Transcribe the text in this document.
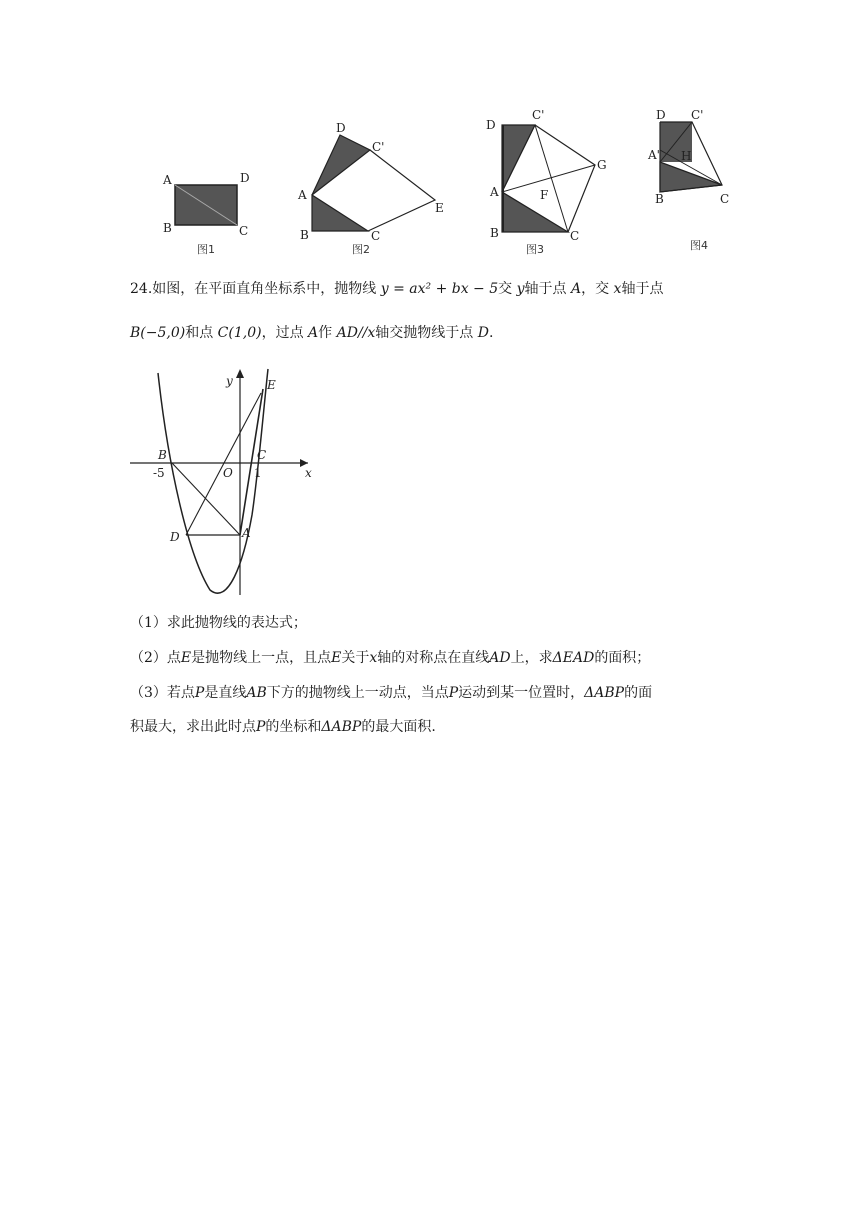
A	D
B	C
图1
D
C'
A
E
B	C
图2
D
C'
G
A	F
B	C
图3
D C'
A' H
B	C
图4
24.如图，在平面直角坐标系中，抛物线 y = ax² + bx − 5交 y轴于点 A，交 x轴于点
B(−5,0)和点 C(1,0)，过点 A作 AD//x轴交抛物线于点 D.
y
x
E
B	C
O
-5	1
D	A
（1）求此抛物线的表达式；
（2）点E是抛物线上一点，且点E关于x轴的对称点在直线AD上，求ΔEAD的面积；
（3）若点P是直线AB下方的抛物线上一动点，当点P运动到某一位置时，ΔABP的面
积最大，求出此时点P的坐标和ΔABP的最大面积.
